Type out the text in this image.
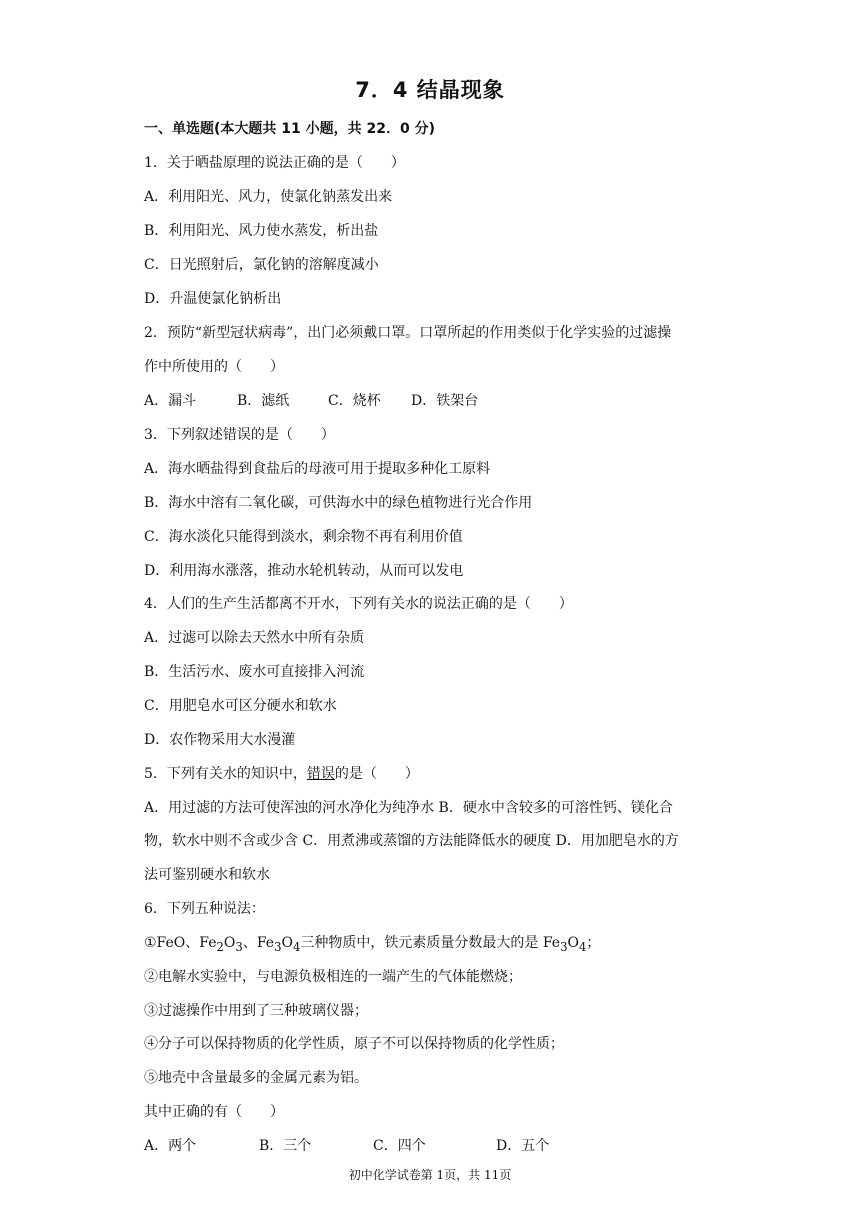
7．4 结晶现象
一、单选题(本大题共 11 小题，共 22．0 分)
1．关于晒盐原理的说法正确的是（　　）
A．利用阳光、风力，使氯化钠蒸发出来
B．利用阳光、风力使水蒸发，析出盐
C．日光照射后，氯化钠的溶解度减小
D．升温使氯化钠析出
2．预防“新型冠状病毒”，出门必须戴口罩。口罩所起的作用类似于化学实验的过滤操
作中所使用的（　　）
A．漏斗	B．滤纸	C．烧杯 D．铁架台
3．下列叙述错误的是（　　）
A．海水晒盐得到食盐后的母液可用于提取多种化工原料
B．海水中溶有二氧化碳，可供海水中的绿色植物进行光合作用
C．海水淡化只能得到淡水，剩余物不再有利用价值
D．利用海水涨落，推动水轮机转动，从而可以发电
4．人们的生产生活都离不开水，下列有关水的说法正确的是（　　）
A．过滤可以除去天然水中所有杂质
B．生活污水、废水可直接排入河流
C．用肥皂水可区分硬水和软水
D．农作物采用大水漫灌
5．下列有关水的知识中，错误的是（　　）
A．用过滤的方法可使浑浊的河水净化为纯净水 B．硬水中含较多的可溶性钙、镁化合
物，软水中则不含或少含 C．用煮沸或蒸馏的方法能降低水的硬度 D．用加肥皂水的方
法可鉴别硬水和软水
6．下列五种说法：
①FeO、$Fe_2O_3$、$Fe_3O_4$三种物质中，铁元素质量分数最大的是 $Fe_3O_4$；
②电解水实验中，与电源负极相连的一端产生的气体能燃烧；
③过滤操作中用到了三种玻璃仪器；
④分子可以保持物质的化学性质，原子不可以保持物质的化学性质；
⑤地壳中含量最多的金属元素为铝。
其中正确的有（　　）
A．两个	B．三个	C．四个	D．五个
初中化学试卷第 1页，共 11页
